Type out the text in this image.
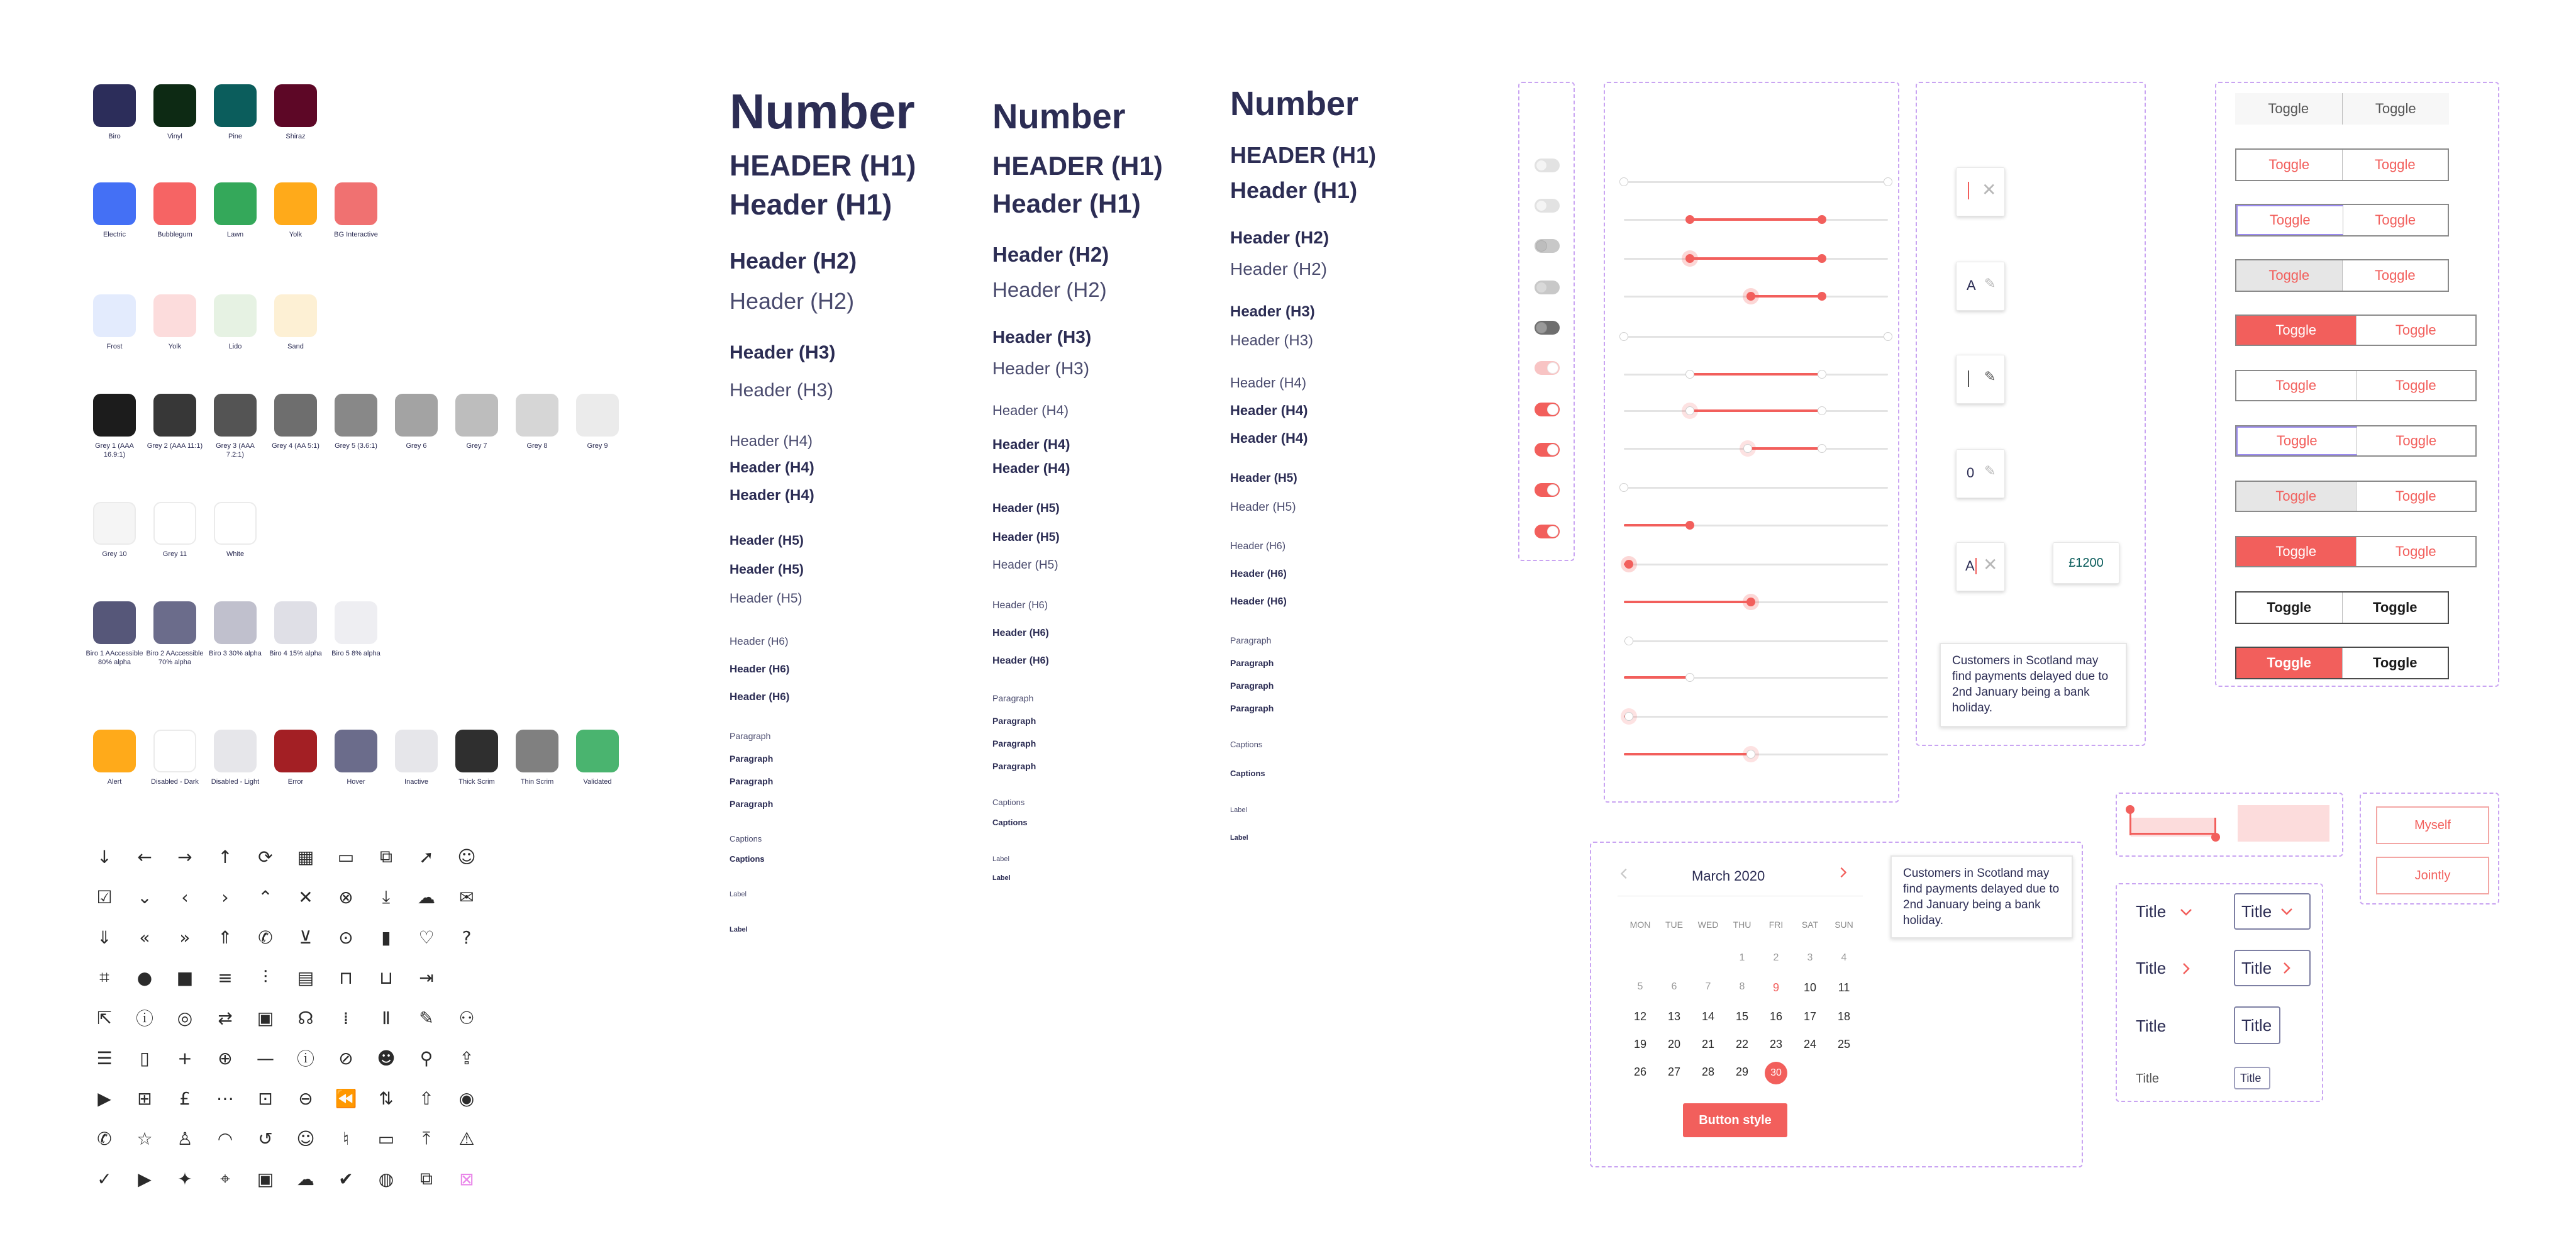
Biro	Vinyl	Pine	Shiraz
Electric	Bubblegum	Lawn	Yolk	BG Interactive
Frost	Yolk	Lido	Sand
Grey 1 (AAA 16.9:1)
Grey 2 (AAA 11:1)	Grey 3 (AAA 7.2:1)
Grey 4 (AA 5:1)	Grey 5 (3.6:1)	Grey 6	Grey 7	Grey 8	Grey 9
Grey 10	Grey 11	White
Biro 1 AAccessible 80% alpha
Biro 2 AAccessible 70% alpha
Biro 3 30% alpha	Biro 4 15% alpha	Biro 5 8% alpha
Alert	Disabled - Dark	Disabled - Light	Error	Hover	Inactive	Thick Scrim	Thin Scrim	Validated
↓	←	→	↑	⟳	▦	▭	⧉	➚	☺
☑	⌄	‹	›	⌃	✕	⊗	⤓	☁	✉
⇓	«	»	⇑	✆	⊻	⊙	▮	♡	?
⌗	●	■	≡	⫶	▤	⊓	⊔	⇥
⇱	ⓘ	◎	⇄	▣	☊	⁞	Ⅱ	✎	⚇
☰	▯	+	⊕	—	ⓘ	⊘	☻	⚲	⇪
▶	⊞	£	⋯	⊡	⊖	⏪	⇅	⇧	◉
✆	☆	♙	◠	↺	☺	♮	▭	⤒	⚠
✓	▶	✦	⌖	▣	☁	✔	◍	⧉	⊠
Number
HEADER (H1)
Header (H1)
Header (H2)
Header (H2)
Header (H3)
Header (H3)
Header (H4)
Header (H4)
Header (H4)
Header (H5)
Header (H5)
Header (H5)
Header (H6)
Header (H6)
Header (H6)
Paragraph
Paragraph
Paragraph
Paragraph
Captions
Captions
Label
Label
Number
HEADER (H1)
Header (H1)
Header (H2)
Header (H2)
Header (H3)
Header (H3)
Header (H4)
Header (H4)
Header (H4)
Header (H5)
Header (H5)
Header (H5)
Header (H6)
Header (H6)
Header (H6)
Paragraph
Paragraph
Paragraph
Paragraph
Captions
Captions
Label
Label
Number
HEADER (H1)
Header (H1)
Header (H2)
Header (H2)
Header (H3)
Header (H3)
Header (H4)
Header (H4)
Header (H4)
Header (H5)
Header (H5)
Header (H6)
Header (H6)
Header (H6)
Paragraph
Paragraph
Paragraph
Paragraph
Captions
Captions
Label
Label
✕
A ✎
✎
0 ✎
A ✕	£1200
Customers in Scotland may find payments delayed due to 2nd January being a bank holiday.
Toggle	Toggle
Toggle	Toggle
Toggle	Toggle
Toggle	Toggle
Toggle	Toggle
Toggle	Toggle
Toggle	Toggle
Toggle	Toggle
Toggle	Toggle
Toggle	Toggle
Toggle	Toggle
Myself
Jointly
Title	Title
Title	Title
Title	Title
Title	Title
March 2020
MON	TUE	WED	THU	FRI	SAT	SUN
1	2	3	4
5	6	7	8	9	10	11
12	13	14	15	16	17	18
19	20	21	22	23	24	25
26	27	28	29	30
Button style
Customers in Scotland may find payments delayed due to 2nd January being a bank holiday.
